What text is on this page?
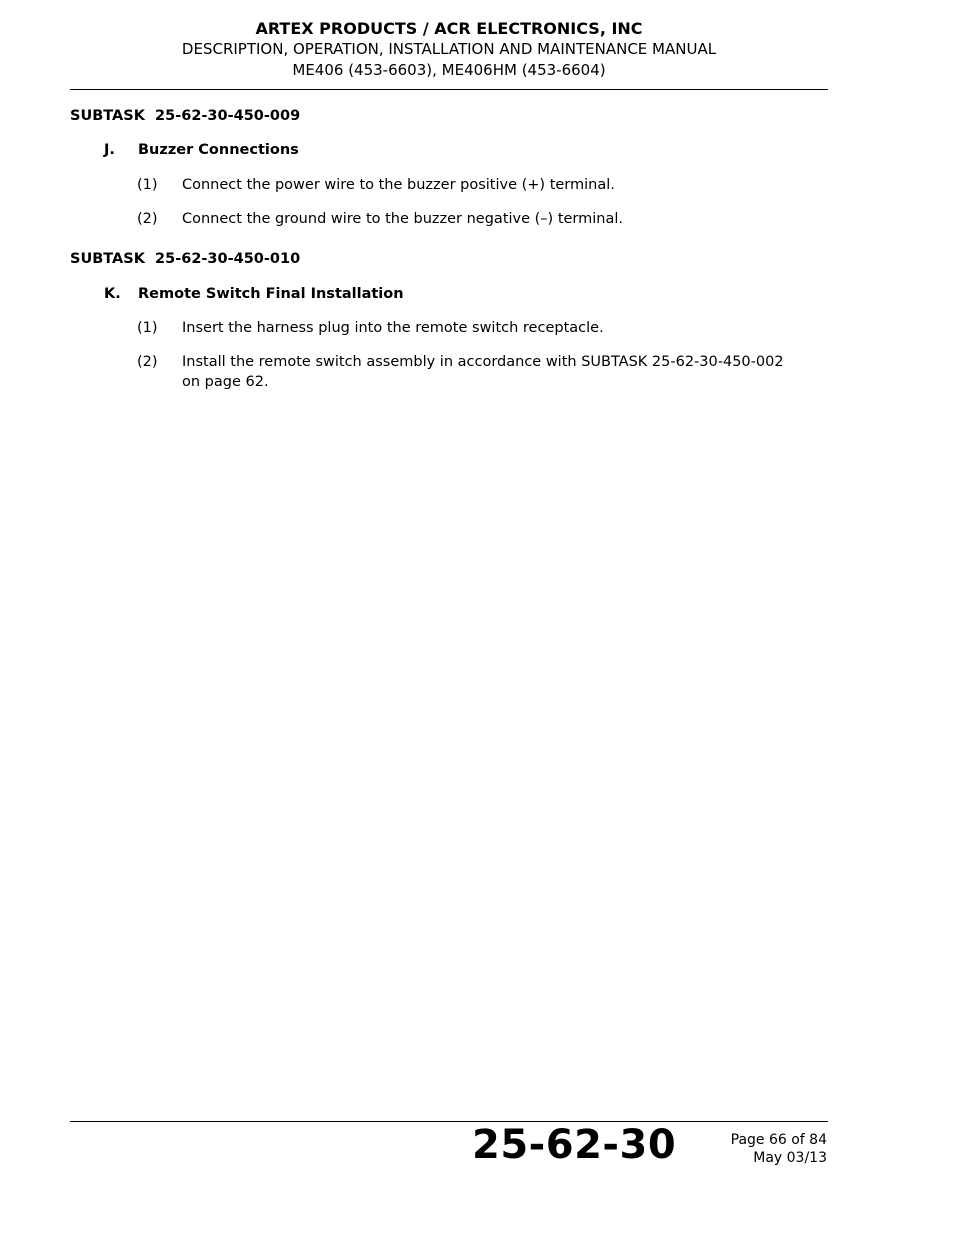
ARTEX PRODUCTS / ACR ELECTRONICS, INC
DESCRIPTION, OPERATION, INSTALLATION AND MAINTENANCE MANUAL
ME406 (453-6603), ME406HM (453-6604)
SUBTASK  25-62-30-450-009
J. Buzzer Connections
(1) Connect the power wire to the buzzer positive (+) terminal.
(2) Connect the ground wire to the buzzer negative (–) terminal.
SUBTASK  25-62-30-450-010
K. Remote Switch Final Installation
(1) Insert the harness plug into the remote switch receptacle.
(2) Install the remote switch assembly in accordance with SUBTASK 25-62-30-450-002 on page 62.
25-62-30	Page 66 of 84
May 03/13
